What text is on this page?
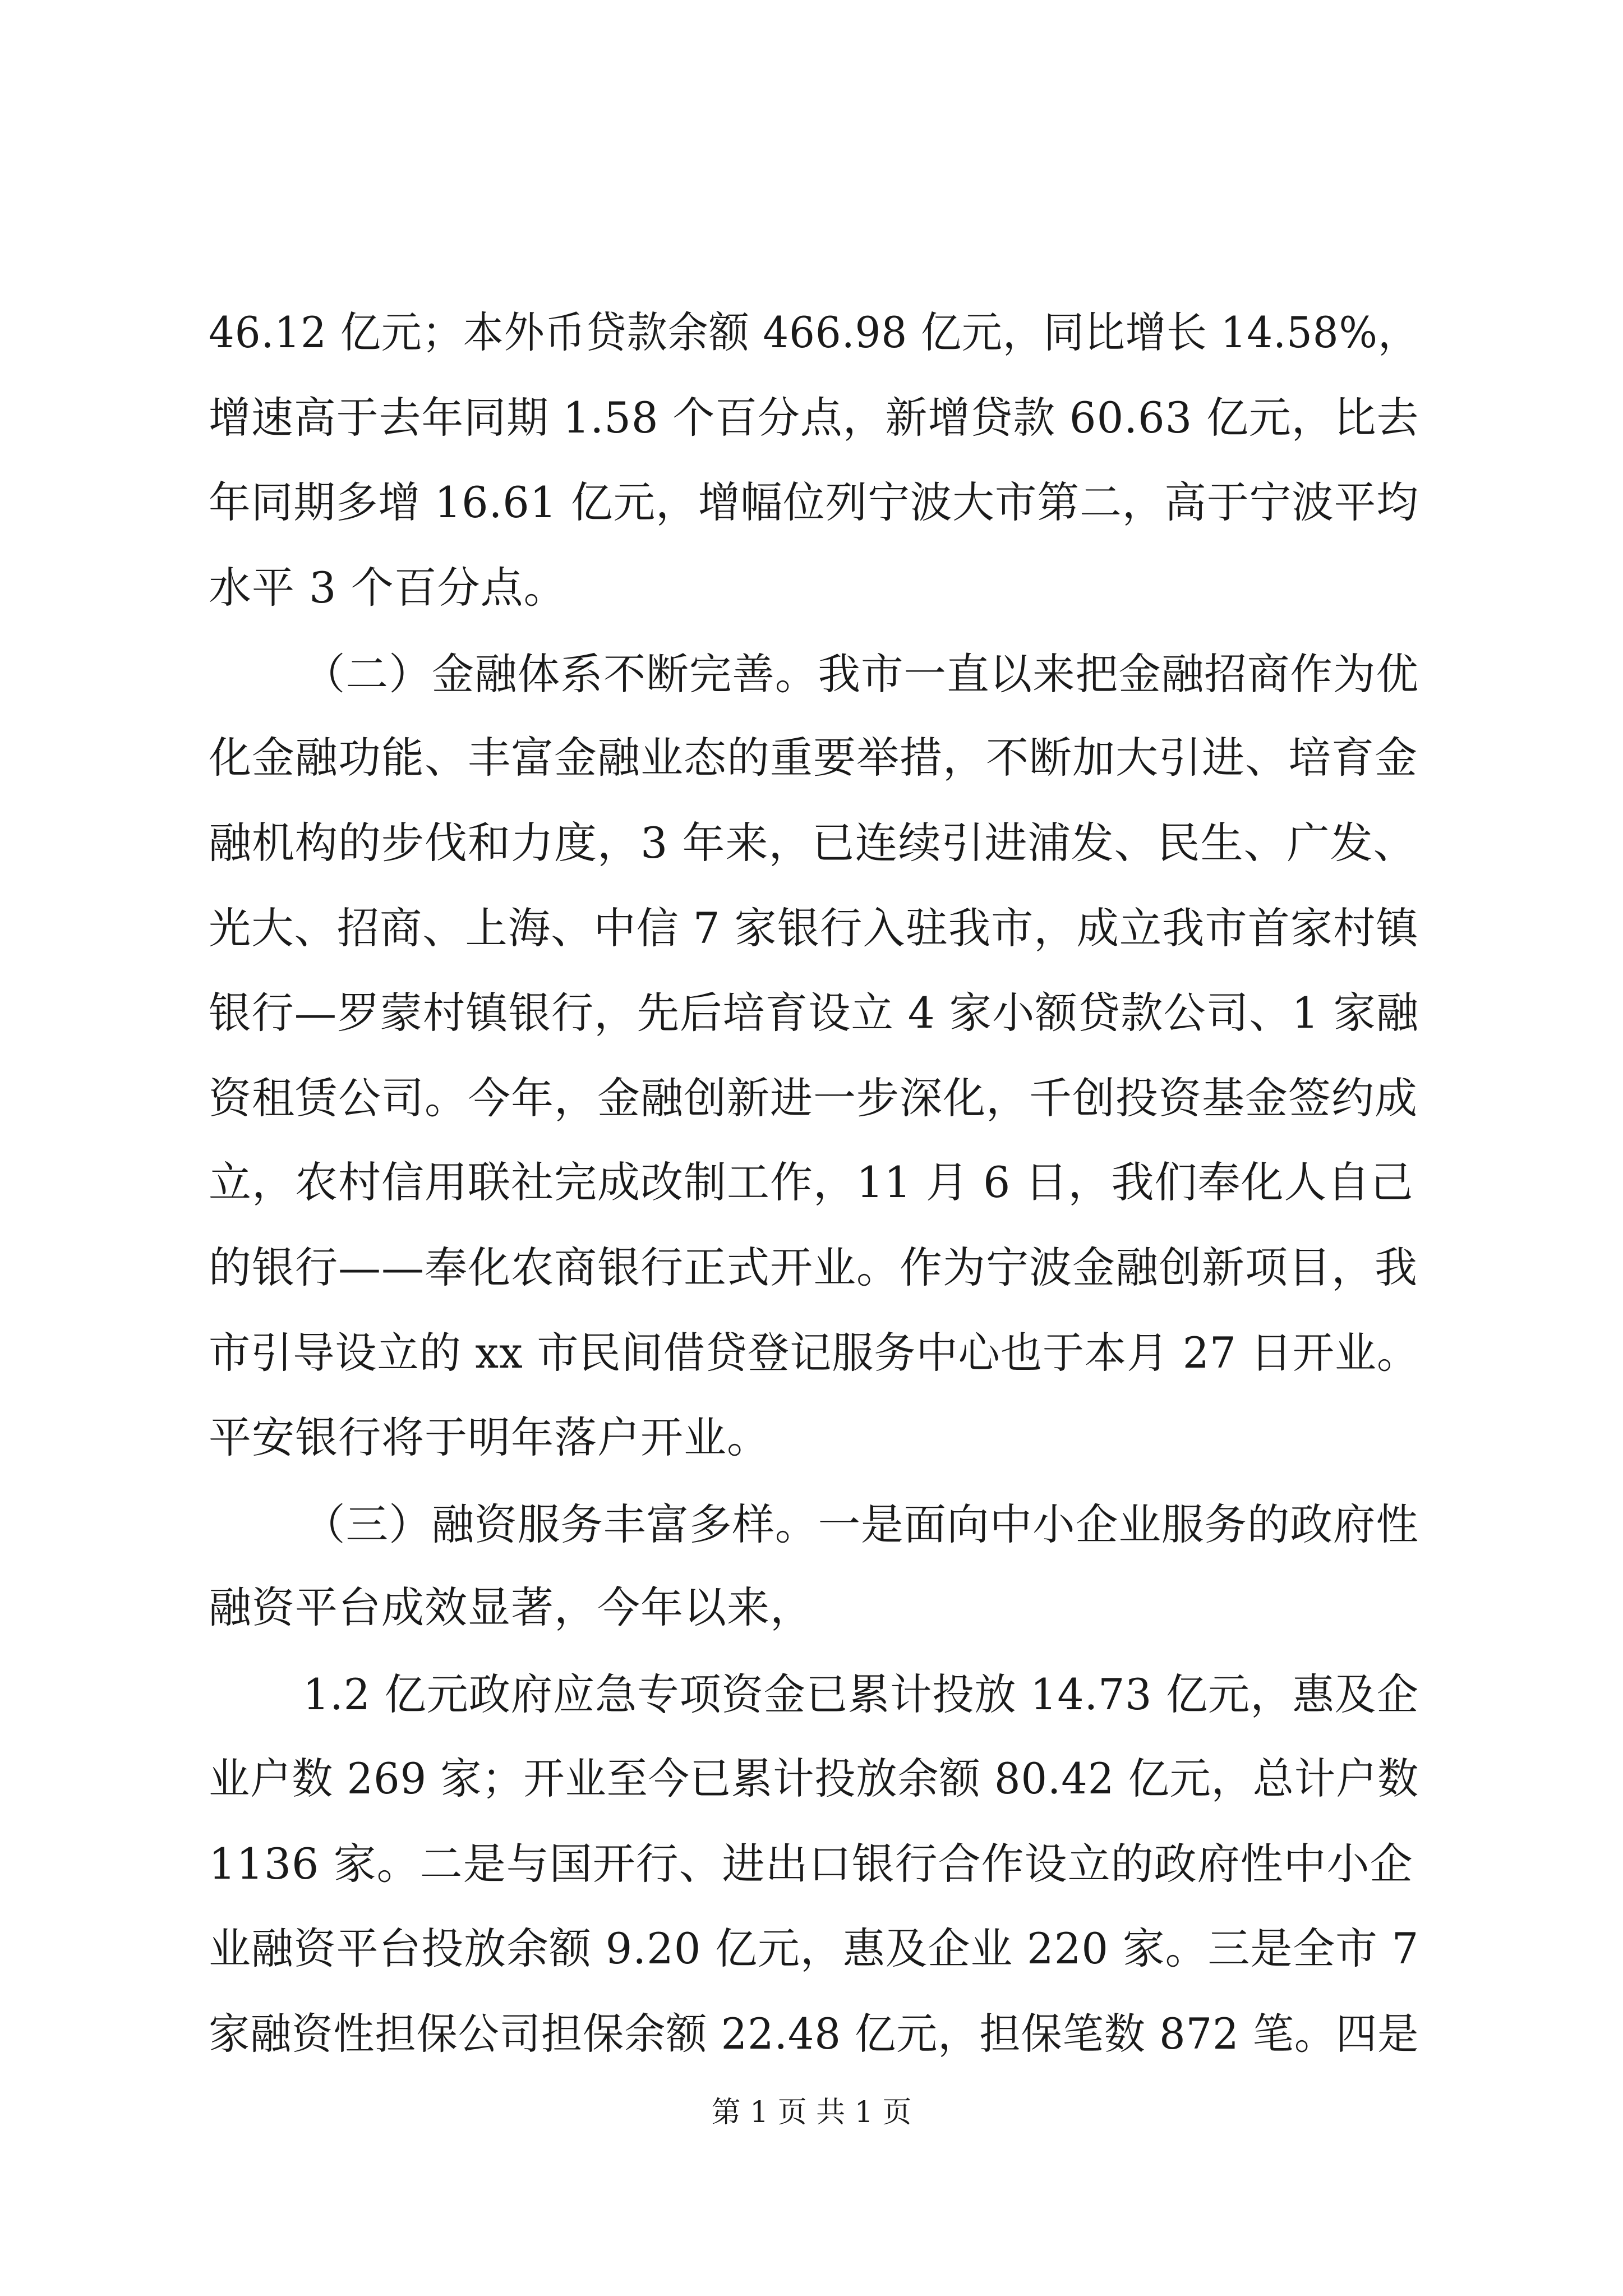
46.12 亿元；本外币贷款余额 466.98 亿元，同比增长 14.58%，
增速高于去年同期 1.58 个百分点，新增贷款 60.63 亿元，比去
年同期多增 16.61 亿元，增幅位列宁波大市第二，高于宁波平均
水平 3 个百分点。
（二）金融体系不断完善。我市一直以来把金融招商作为优
化金融功能、丰富金融业态的重要举措，不断加大引进、培育金
融机构的步伐和力度，3 年来，已连续引进浦发、民生、广发、
光大、招商、上海、中信 7 家银行入驻我市，成立我市首家村镇
银行—罗蒙村镇银行，先后培育设立 4 家小额贷款公司、1 家融
资租赁公司。今年，金融创新进一步深化，千创投资基金签约成
立，农村信用联社完成改制工作，11 月 6 日，我们奉化人自己
的银行——奉化农商银行正式开业。作为宁波金融创新项目，我
市引导设立的 xx 市民间借贷登记服务中心也于本月 27 日开业。
平安银行将于明年落户开业。
（三）融资服务丰富多样。一是面向中小企业服务的政府性
融资平台成效显著，今年以来，
1.2 亿元政府应急专项资金已累计投放 14.73 亿元，惠及企
业户数 269 家；开业至今已累计投放余额 80.42 亿元，总计户数
1136 家。二是与国开行、进出口银行合作设立的政府性中小企
业融资平台投放余额 9.20 亿元，惠及企业 220 家。三是全市 7
家融资性担保公司担保余额 22.48 亿元，担保笔数 872 笔。四是
第 1 页 共 1 页
